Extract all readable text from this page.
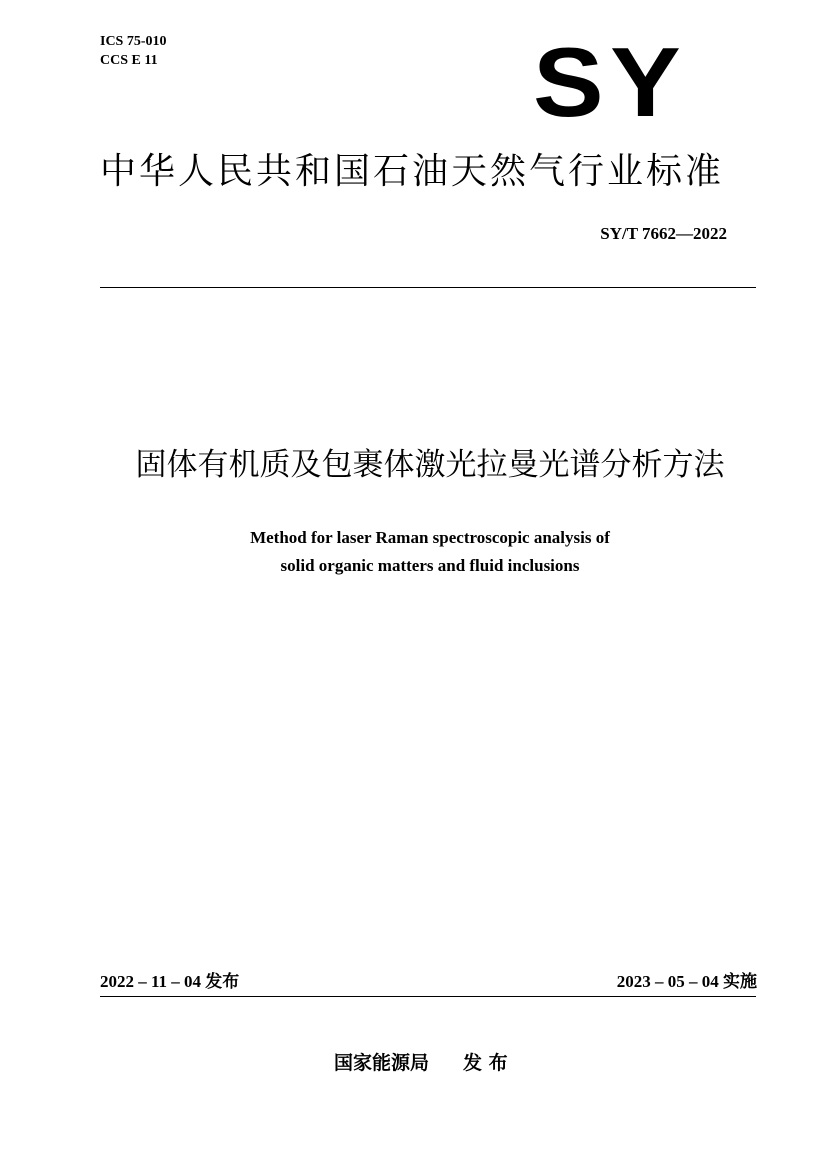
ICS 75-010
CCS E 11	SY
中华人民共和国石油天然气行业标准
SY/T 7662—2022
固体有机质及包裹体激光拉曼光谱分析方法
Method for laser Raman spectroscopic analysis of
solid organic matters and fluid inclusions
2022 – 11 – 04 发布	2023 – 05 – 04 实施
国家能源局 发 布
